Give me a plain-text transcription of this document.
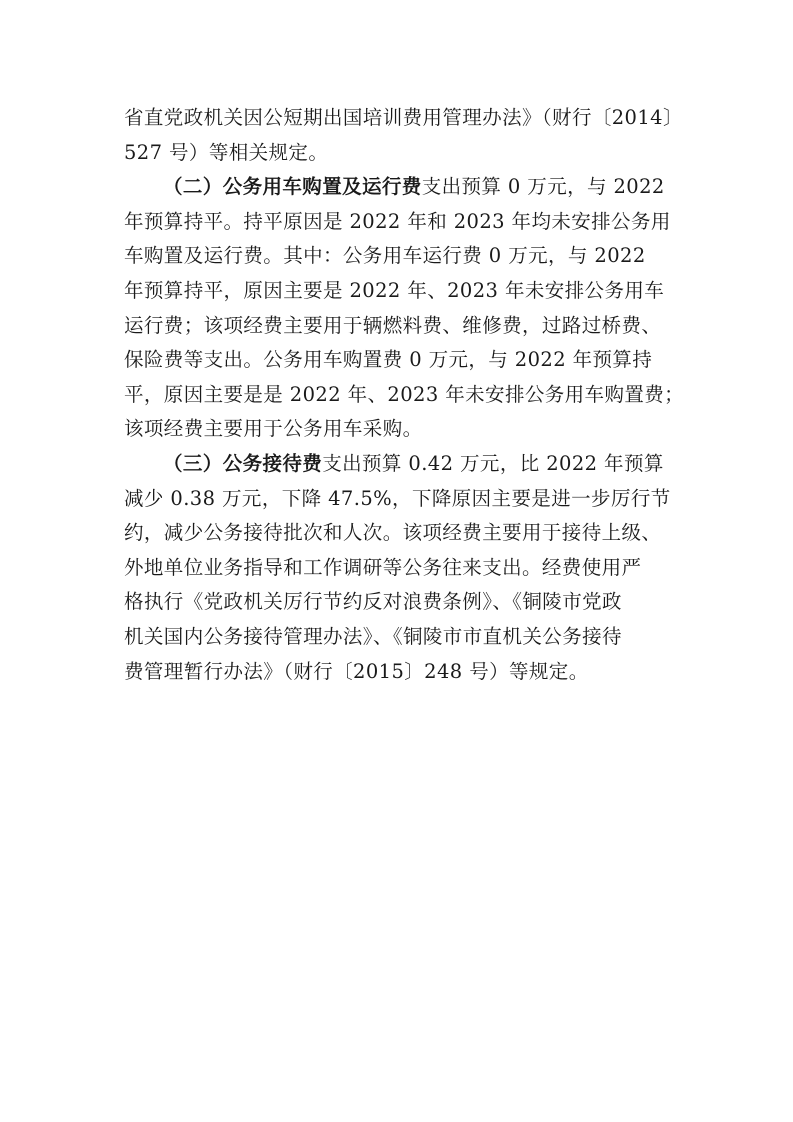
省直党政机关因公短期出国培训费用管理办法》（财行〔2014〕
527 号）等相关规定。
（二）公务用车购置及运行费支出预算 0 万元，与 2022
年预算持平。持平原因是 2022 年和 2023 年均未安排公务用
车购置及运行费。其中：公务用车运行费 0 万元，与 2022
年预算持平，原因主要是 2022 年、2023 年未安排公务用车
运行费；该项经费主要用于辆燃料费、维修费，过路过桥费、
保险费等支出。公务用车购置费 0 万元，与 2022 年预算持
平，原因主要是是 2022 年、2023 年未安排公务用车购置费；
该项经费主要用于公务用车采购。
（三）公务接待费支出预算 0.42 万元，比 2022 年预算
减少 0.38 万元，下降 47.5%，下降原因主要是进一步厉行节
约，减少公务接待批次和人次。该项经费主要用于接待上级、
外地单位业务指导和工作调研等公务往来支出。经费使用严
格执行《党政机关厉行节约反对浪费条例》、《铜陵市党政
机关国内公务接待管理办法》、《铜陵市市直机关公务接待
费管理暂行办法》（财行〔2015〕248 号）等规定。
